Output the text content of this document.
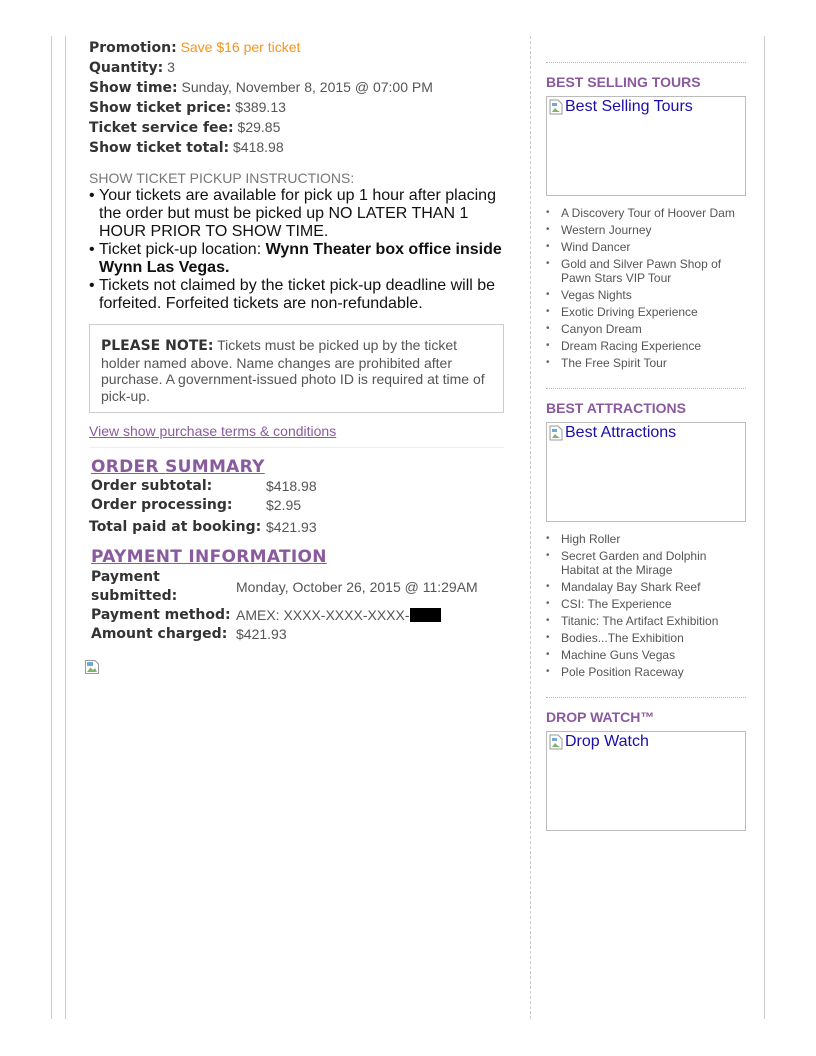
Promotion: Save $16 per ticket
Quantity: 3
Show time: Sunday, November 8, 2015 @ 07:00 PM
Show ticket price: $389.13
Ticket service fee: $29.85
Show ticket total: $418.98
SHOW TICKET PICKUP INSTRUCTIONS:
• Your tickets are available for pick up 1 hour after placing the order but must be picked up NO LATER THAN 1 HOUR PRIOR TO SHOW TIME.
• Ticket pick-up location: Wynn Theater box office inside Wynn Las Vegas.
• Tickets not claimed by the ticket pick-up deadline will be forfeited. Forfeited tickets are non-refundable.
PLEASE NOTE: Tickets must be picked up by the ticket holder named above. Name changes are prohibited after purchase. A government-issued photo ID is required at time of pick-up.
View show purchase terms & conditions
ORDER SUMMARY
Order subtotal:	$418.98
Order processing:	$2.95
Total paid at booking: $421.93
PAYMENT INFORMATION
Payment submitted:	Monday, October 26, 2015 @ 11:29AM
Payment method:	AMEX: XXXX-XXXX-XXXX-
Amount charged:	$421.93
BEST SELLING TOURS
Best Selling Tours
• A Discovery Tour of Hoover Dam
• Western Journey
• Wind Dancer
• Gold and Silver Pawn Shop of Pawn Stars VIP Tour
• Vegas Nights
• Exotic Driving Experience
• Canyon Dream
• Dream Racing Experience
• The Free Spirit Tour
BEST ATTRACTIONS
Best Attractions
• High Roller
• Secret Garden and Dolphin Habitat at the Mirage
• Mandalay Bay Shark Reef
• CSI: The Experience
• Titanic: The Artifact Exhibition
• Bodies...The Exhibition
• Machine Guns Vegas
• Pole Position Raceway
DROP WATCH™
Drop Watch
